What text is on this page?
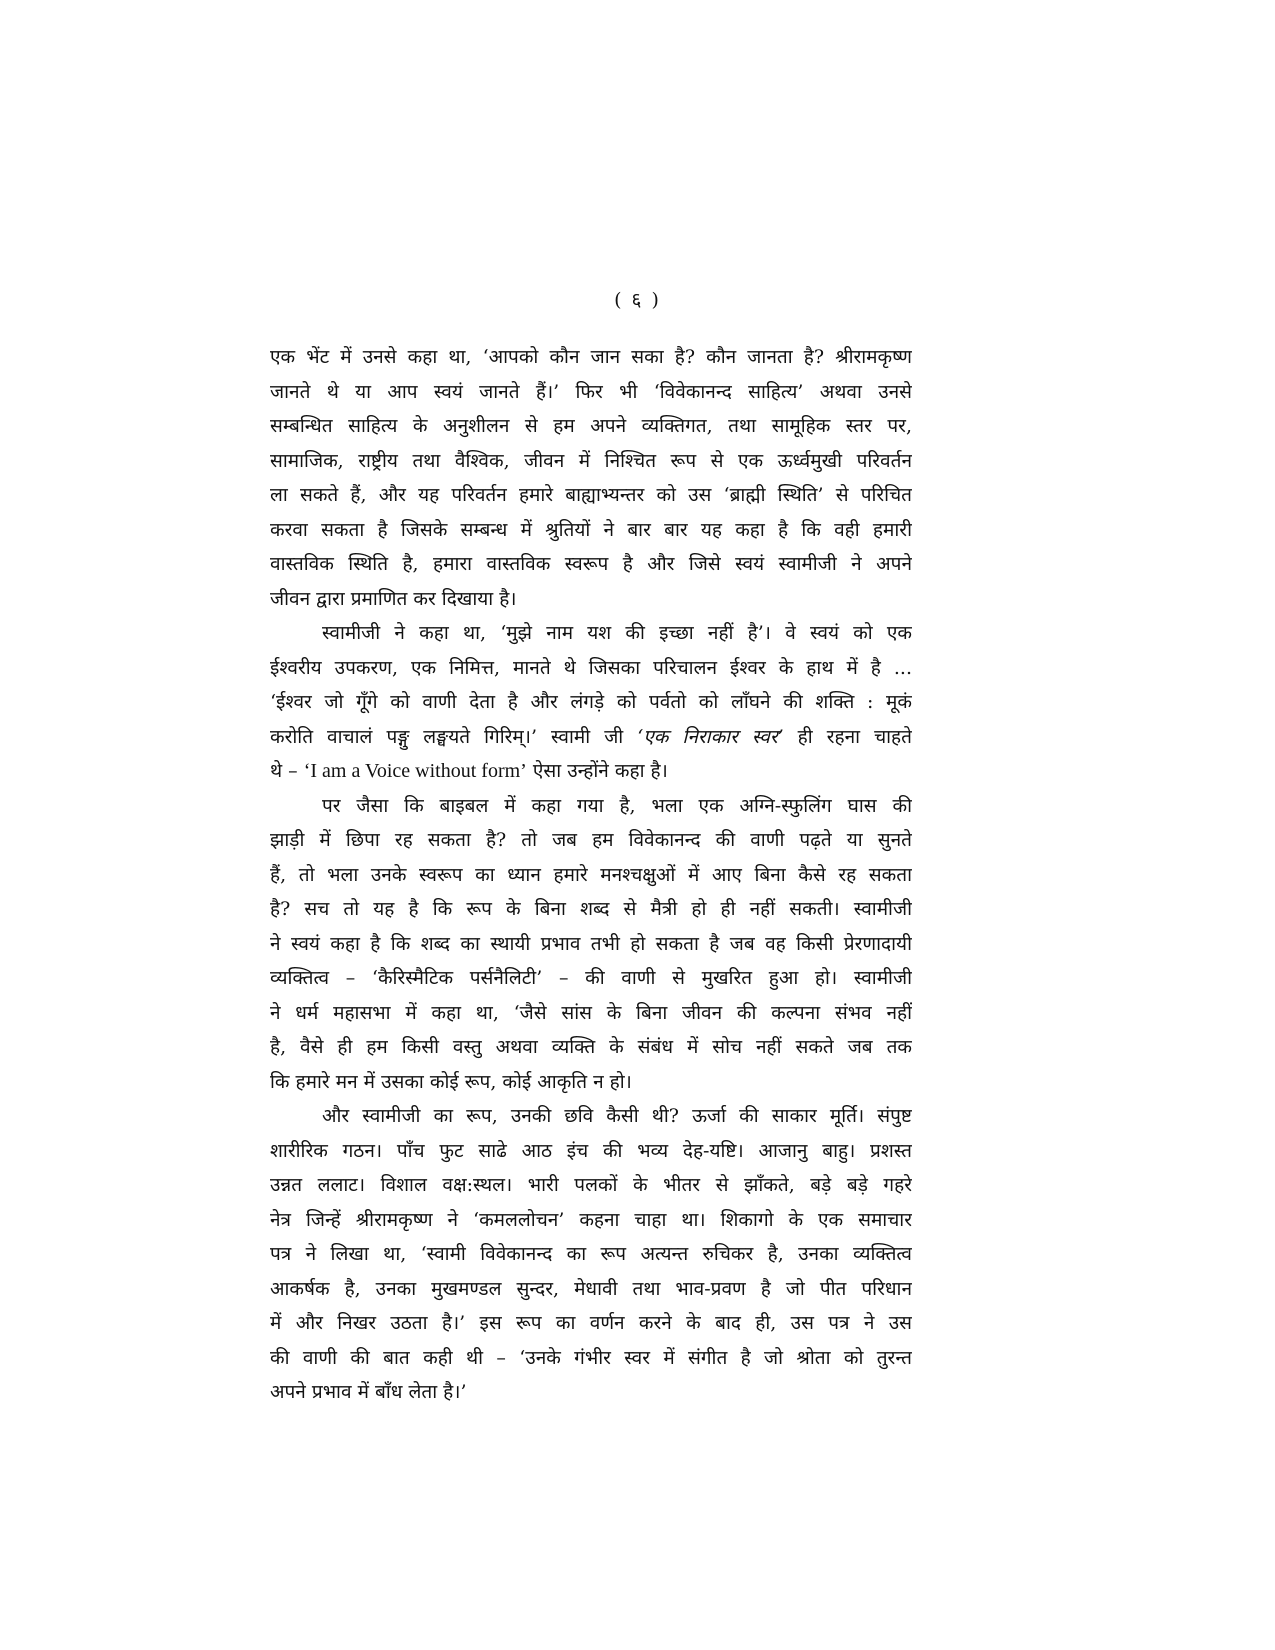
( ६ )
एक भेंट में उनसे कहा था, ‘आपको कौन जान सका है? कौन जानता है? श्रीरामकृष्ण
जानते थे या आप स्वयं जानते हैं।’ फिर भी ‘विवेकानन्द साहित्य’ अथवा उनसे
सम्बन्धित साहित्य के अनुशीलन से हम अपने व्यक्तिगत, तथा सामूहिक स्तर पर,
सामाजिक, राष्ट्रीय तथा वैश्विक, जीवन में निश्चित रूप से एक ऊर्ध्वमुखी परिवर्तन
ला सकते हैं, और यह परिवर्तन हमारे बाह्याभ्यन्तर को उस ‘ब्राह्मी स्थिति’ से परिचित
करवा सकता है जिसके सम्बन्ध में श्रुतियों ने बार बार यह कहा है कि वही हमारी
वास्तविक स्थिति है, हमारा वास्तविक स्वरूप है और जिसे स्वयं स्वामीजी ने अपने
जीवन द्वारा प्रमाणित कर दिखाया है।
स्वामीजी ने कहा था, ‘मुझे नाम यश की इच्छा नहीं है’। वे स्वयं को एक
ईश्वरीय उपकरण, एक निमित्त, मानते थे जिसका परिचालन ईश्वर के हाथ में है ...
‘ईश्वर जो गूँगे को वाणी देता है और लंगड़े को पर्वतो को लाँघने की शक्ति : मूकं
करोति वाचालं पङ्गु लङ्घयते गिरिम्।’ स्वामी जी ‘एक निराकार स्वर’ ही रहना चाहते
थे – ‘I am a Voice without form’ ऐसा उन्होंने कहा है।
पर जैसा कि बाइबल में कहा गया है, भला एक अग्नि-स्फुलिंग घास की
झाड़ी में छिपा रह सकता है? तो जब हम विवेकानन्द की वाणी पढ़ते या सुनते
हैं, तो भला उनके स्वरूप का ध्यान हमारे मनश्चक्षुओं में आए बिना कैसे रह सकता
है? सच तो यह है कि रूप के बिना शब्द से मैत्री हो ही नहीं सकती। स्वामीजी
ने स्वयं कहा है कि शब्द का स्थायी प्रभाव तभी हो सकता है जब वह किसी प्रेरणादायी
व्यक्तित्व – ‘कैरिस्मैटिक पर्सनैलिटी’ – की वाणी से मुखरित हुआ हो। स्वामीजी
ने धर्म महासभा में कहा था, ‘जैसे सांस के बिना जीवन की कल्पना संभव नहीं
है, वैसे ही हम किसी वस्तु अथवा व्यक्ति के संबंध में सोच नहीं सकते जब तक
कि हमारे मन में उसका कोई रूप, कोई आकृति न हो।
और स्वामीजी का रूप, उनकी छवि कैसी थी? ऊर्जा की साकार मूर्ति। संपुष्ट
शारीरिक गठन। पाँच फुट साढे आठ इंच की भव्य देह-यष्टि। आजानु बाहु। प्रशस्त
उन्नत ललाट। विशाल वक्ष:स्थल। भारी पलकों के भीतर से झाँकते, बड़े बड़े गहरे
नेत्र जिन्हें श्रीरामकृष्ण ने ‘कमललोचन’ कहना चाहा था। शिकागो के एक समाचार
पत्र ने लिखा था, ‘स्वामी विवेकानन्द का रूप अत्यन्त रुचिकर है, उनका व्यक्तित्व
आकर्षक है, उनका मुखमण्डल सुन्दर, मेधावी तथा भाव-प्रवण है जो पीत परिधान
में और निखर उठता है।’ इस रूप का वर्णन करने के बाद ही, उस पत्र ने उस
की वाणी की बात कही थी – ‘उनके गंभीर स्वर में संगीत है जो श्रोता को तुरन्त
अपने प्रभाव में बाँध लेता है।’
